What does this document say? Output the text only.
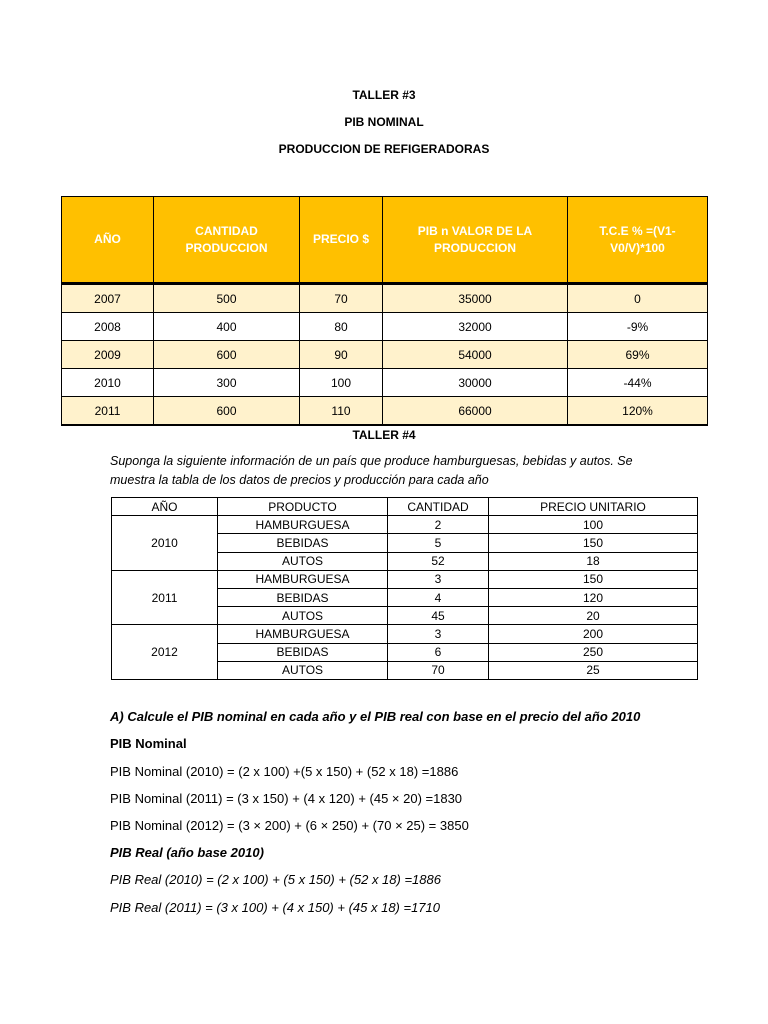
TALLER #3
PIB NOMINAL
PRODUCCION DE REFIGERADORAS
AÑO	CANTIDAD PRODUCCION	PRECIO $	PIB n VALOR DE LA PRODUCCION	T.C.E % =(V1-V0/V)*100
2007	500	70	35000	0
2008	400	80	32000	-9%
2009	600	90	54000	69%
2010	300	100	30000	-44%
2011	600	110	66000	120%
TALLER #4
Suponga la siguiente información de un país que produce hamburguesas, bebidas y autos. Se muestra la tabla de los datos de precios y producción para cada año
AÑO	PRODUCTO	CANTIDAD	PRECIO UNITARIO
2010	HAMBURGUESA	2	100
	BEBIDAS	5	150
	AUTOS	52	18
2011	HAMBURGUESA	3	150
	BEBIDAS	4	120
	AUTOS	45	20
2012	HAMBURGUESA	3	200
	BEBIDAS	6	250
	AUTOS	70	25
A) Calcule el PIB nominal en cada año y el PIB real con base en el precio del año 2010
PIB Nominal
PIB Nominal (2010) = (2 x 100) +(5 x 150) + (52 x 18) =1886
PIB Nominal (2011) = (3 x 150) + (4 x 120) + (45 × 20) =1830
PIB Nominal (2012) = (3 × 200) + (6 × 250) + (70 × 25) = 3850
PIB Real (año base 2010)
PIB Real (2010) = (2 x 100) + (5 x 150) + (52 x 18) =1886
PIB Real (2011) = (3 x 100) + (4 x 150) + (45 x 18) =1710
